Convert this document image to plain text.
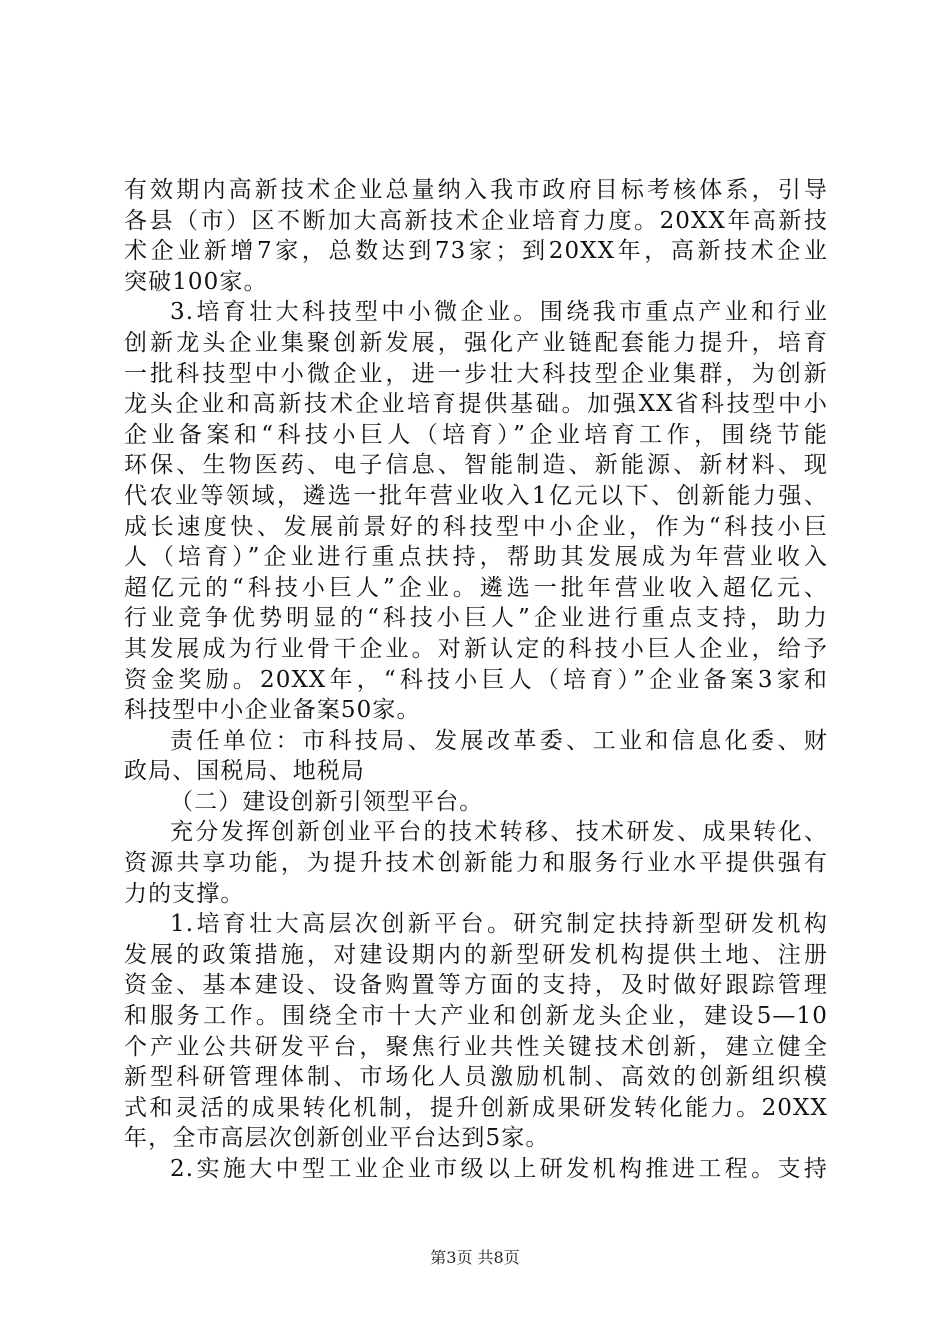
有效期内高新技术企业总量纳入我市政府目标考核体系，引导
各县（市）区不断加大高新技术企业培育力度。20XX年高新技
术企业新增7家，总数达到73家；到20XX年，高新技术企业
突破100家。
3.培育壮大科技型中小微企业。围绕我市重点产业和行业
创新龙头企业集聚创新发展，强化产业链配套能力提升，培育
一批科技型中小微企业，进一步壮大科技型企业集群，为创新
龙头企业和高新技术企业培育提供基础。加强XX省科技型中小
企业备案和“科技小巨人（培育）”企业培育工作，围绕节能
环保、生物医药、电子信息、智能制造、新能源、新材料、现
代农业等领域，遴选一批年营业收入1亿元以下、创新能力强、
成长速度快、发展前景好的科技型中小企业，作为“科技小巨
人（培育）”企业进行重点扶持，帮助其发展成为年营业收入
超亿元的“科技小巨人”企业。遴选一批年营业收入超亿元、
行业竞争优势明显的“科技小巨人”企业进行重点支持，助力
其发展成为行业骨干企业。对新认定的科技小巨人企业，给予
资金奖励。20XX年，“科技小巨人（培育）”企业备案3家和
科技型中小企业备案50家。
责任单位：市科技局、发展改革委、工业和信息化委、财
政局、国税局、地税局
（二）建设创新引领型平台。
充分发挥创新创业平台的技术转移、技术研发、成果转化、
资源共享功能，为提升技术创新能力和服务行业水平提供强有
力的支撑。
1.培育壮大高层次创新平台。研究制定扶持新型研发机构
发展的政策措施，对建设期内的新型研发机构提供土地、注册
资金、基本建设、设备购置等方面的支持，及时做好跟踪管理
和服务工作。围绕全市十大产业和创新龙头企业，建设5—10
个产业公共研发平台，聚焦行业共性关键技术创新，建立健全
新型科研管理体制、市场化人员激励机制、高效的创新组织模
式和灵活的成果转化机制，提升创新成果研发转化能力。20XX
年，全市高层次创新创业平台达到5家。
2.实施大中型工业企业市级以上研发机构推进工程。支持
第3页 共8页
